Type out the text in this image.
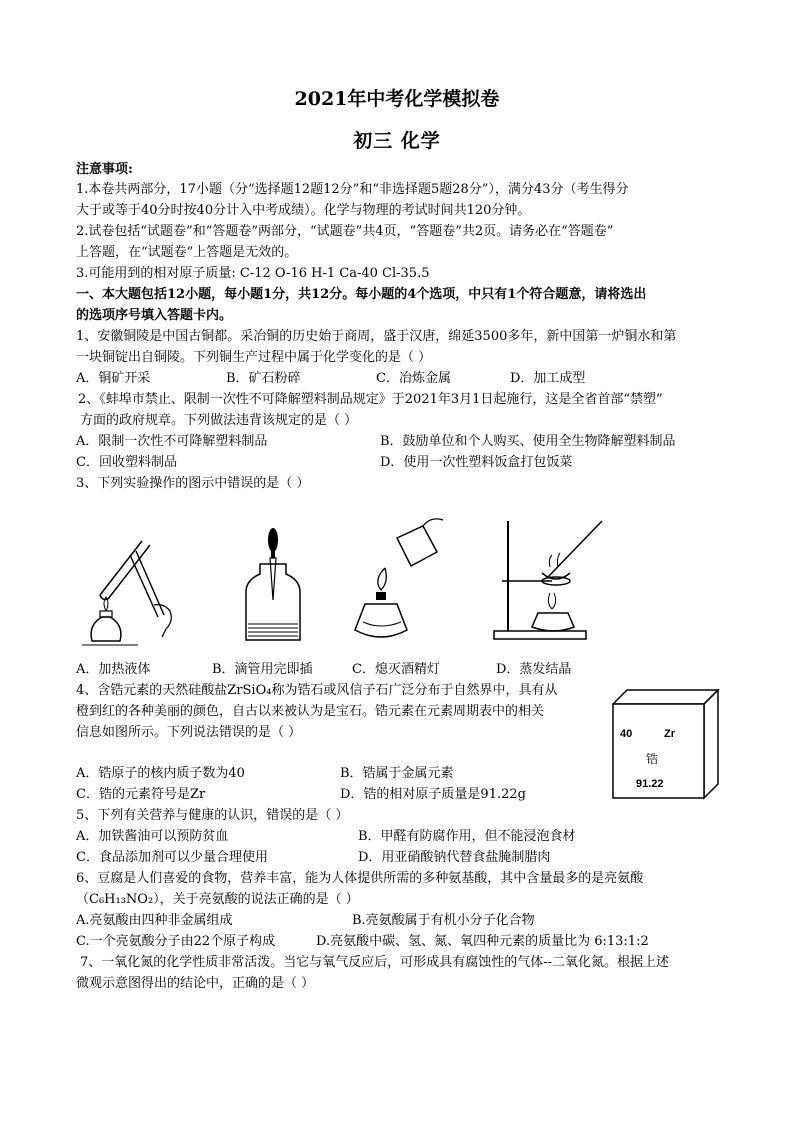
2021年中考化学模拟卷
初三 化学
注意事项:
1.本卷共两部分，17小题（分“选择题12题12分”和“非选择题5题28分”），满分43分（考生得分
大于或等于40分时按40分计入中考成绩）。化学与物理的考试时间共120分钟。
2.试卷包括“试题卷”和“答题卷”两部分，“试题卷”共4页，“答题卷”共2页。请务必在“答题卷”
上答题，在“试题卷”上答题是无效的。
3.可能用到的相对原子质量: C-12 O-16 H-1 Ca-40 Cl-35.5
一、本大题包括12小题，每小题1分，共12分。每小题的4个选项，中只有1个符合题意，请将选出
的选项序号填入答题卡内。
1、安徽铜陵是中国古铜都。采冶铜的历史始于商周，盛于汉唐，绵延3500多年，新中国第一炉铜水和第
一块铜锭出自铜陵。下列铜生产过程中属于化学变化的是（ ）
A．铜矿开采	B．矿石粉碎	C．冶炼金属	D．加工成型
2、《蚌埠市禁止、限制一次性不可降解塑料制品规定》于2021年3月1日起施行，这是全省首部“禁塑”
方面的政府规章。下列做法违背该规定的是（ ）
A．限制一次性不可降解塑料制品	B．鼓励单位和个人购买、使用全生物降解塑料制品
C．回收塑料制品	D．使用一次性塑料饭盒打包饭菜
3、下列实验操作的图示中错误的是（ ）
A．加热液体	B．滴管用完即插	C．熄灭酒精灯	D．蒸发结晶
4、含锆元素的天然硅酸盐ZrSiO₄称为锆石或风信子石广泛分布于自然界中，具有从
橙到红的各种美丽的颜色，自古以来被认为是宝石。锆元素在元素周期表中的相关
信息如图所示。下列说法错误的是（ ）	40	Zr
锆
91.22
A．锆原子的核内质子数为40	B．锆属于金属元素
C．锆的元素符号是Zr	D．锆的相对原子质量是91.22g
5、下列有关营养与健康的认识，错误的是（ ）
A．加铁酱油可以预防贫血	B．甲醛有防腐作用，但不能浸泡食材
C．食品添加剂可以少量合理使用	D．用亚硝酸钠代替食盐腌制腊肉
6、豆腐是人们喜爱的食物，营养丰富，能为人体提供所需的多种氨基酸，其中含量最多的是亮氨酸
（C₆H₁₃NO₂），关于亮氨酸的说法正确的是（ ）
A.亮氨酸由四种非金属组成	B.亮氨酸属于有机小分子化合物
C.一个亮氨酸分子由22个原子构成	D.亮氨酸中碳、氢、氮、氧四种元素的质量比为 6:13:1:2
7、一氧化氮的化学性质非常活泼。当它与氧气反应后，可形成具有腐蚀性的气体--二氧化氮。根据上述
微观示意图得出的结论中，正确的是（ ）
